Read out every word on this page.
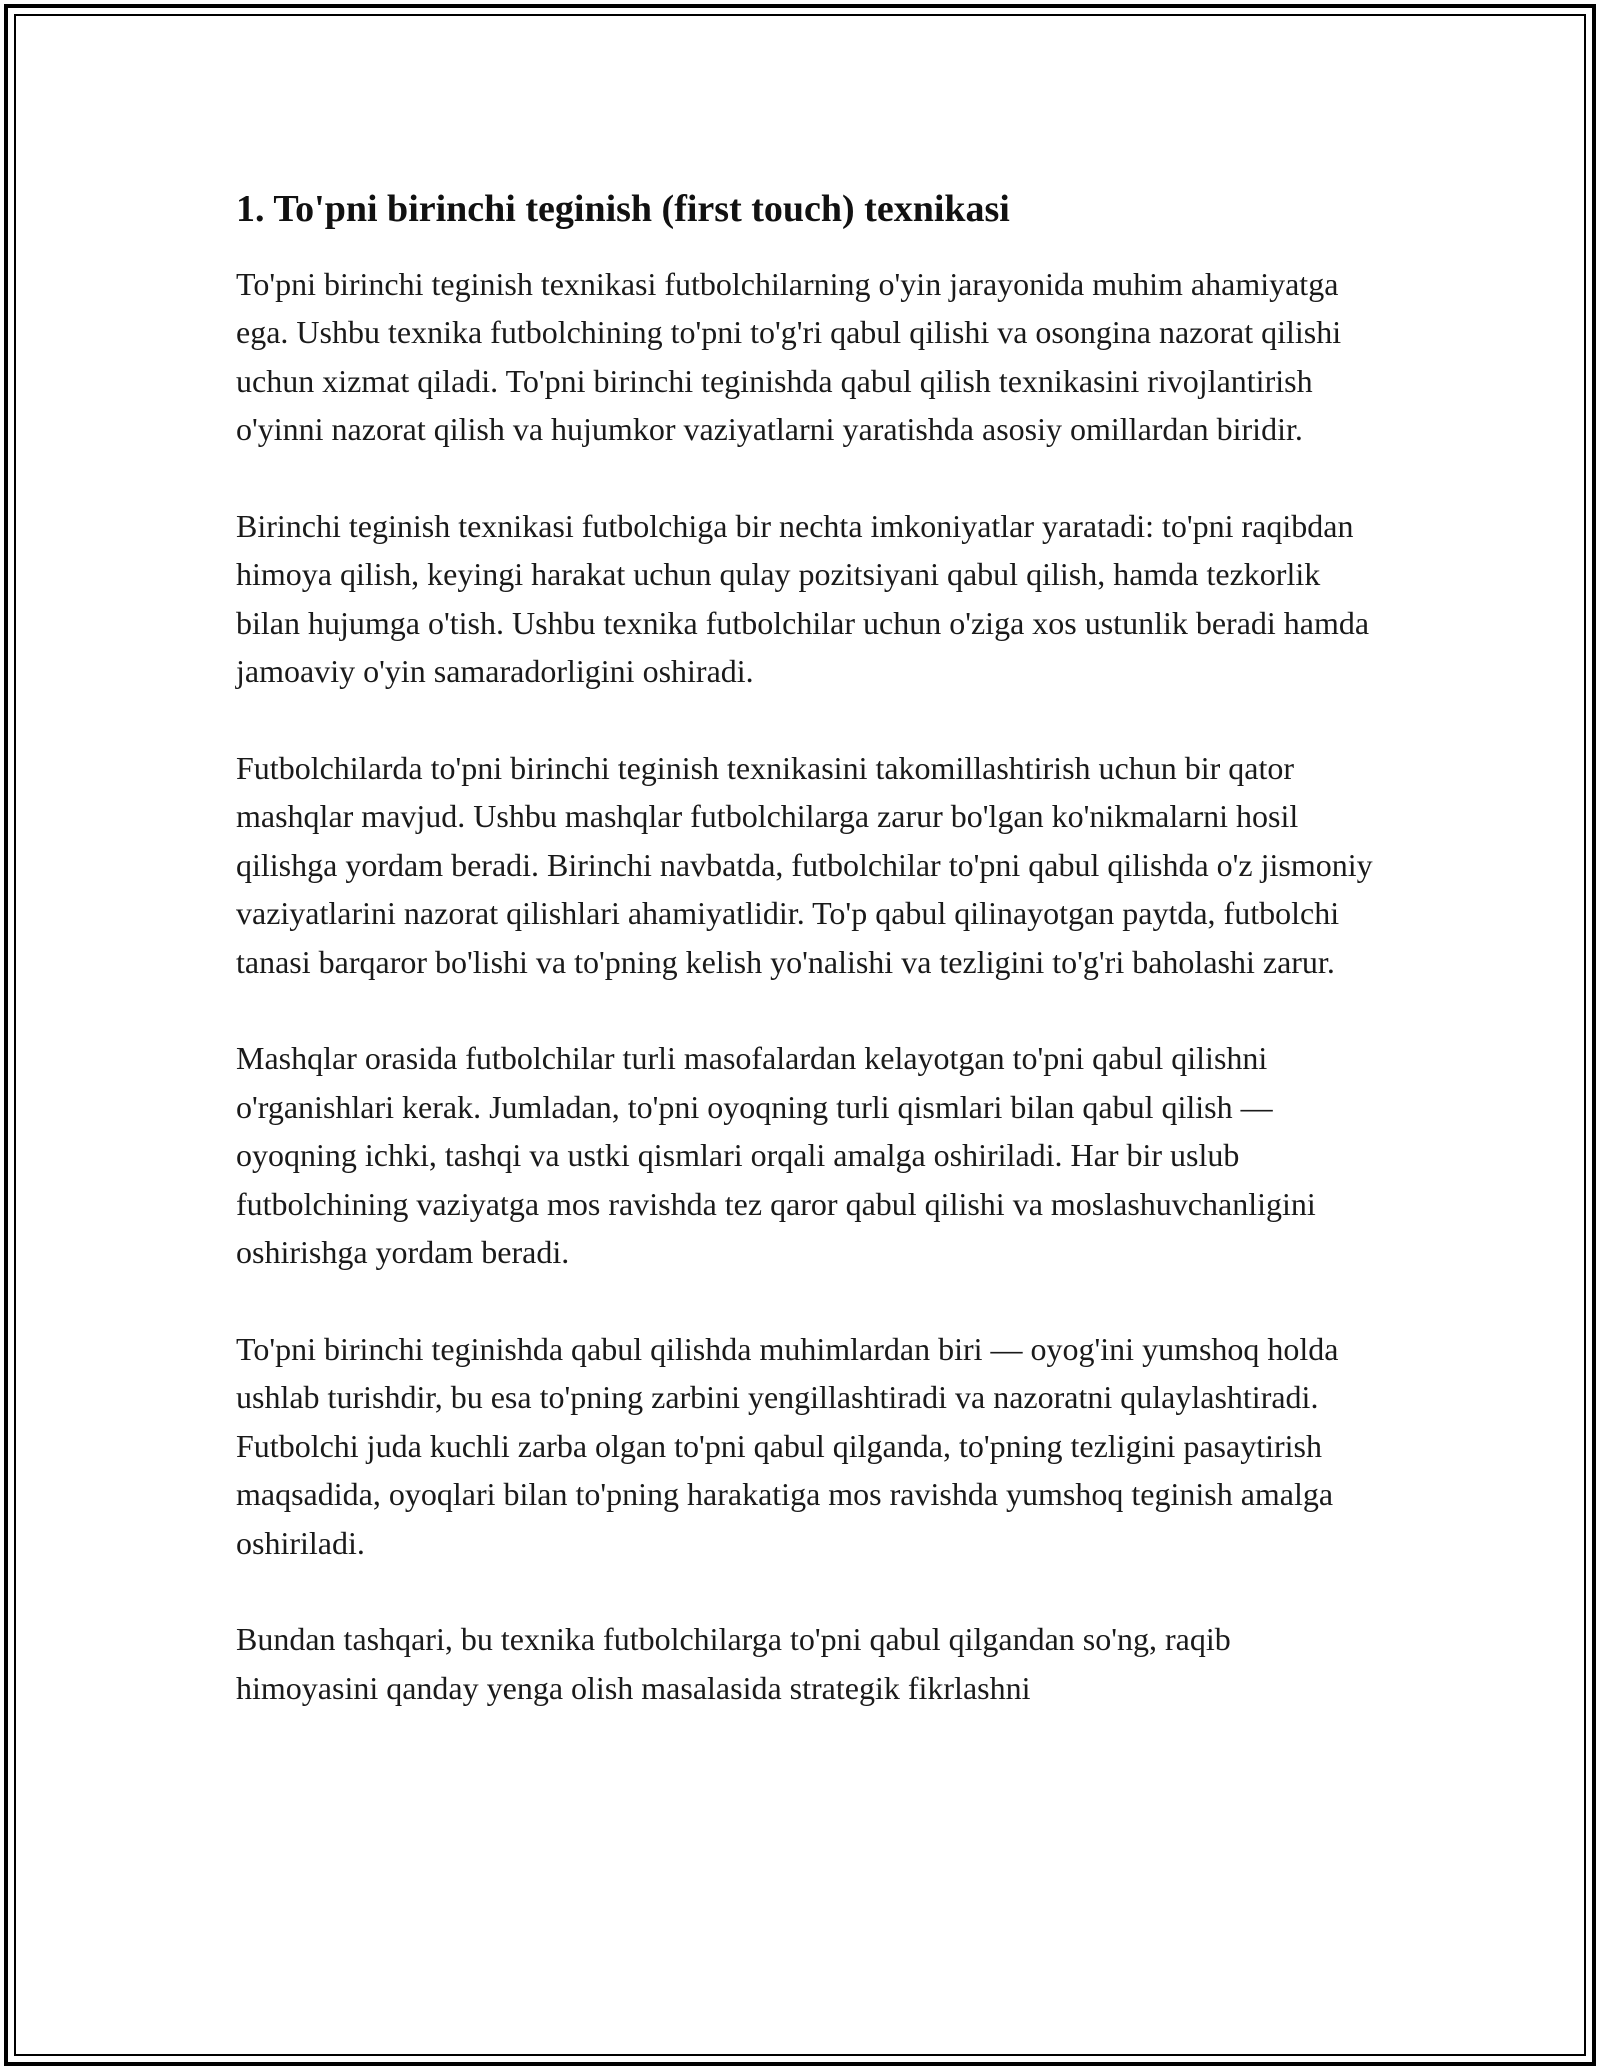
1. To'pni birinchi teginish (first touch) texnikasi

To'pni birinchi teginish texnikasi futbolchilarning o'yin jarayonida muhim ahamiyatga ega. Ushbu texnika futbolchining to'pni to'g'ri qabul qilishi va osongina nazorat qilishi uchun xizmat qiladi. To'pni birinchi teginishda qabul qilish texnikasini rivojlantirish o'yinni nazorat qilish va hujumkor vaziyatlarni yaratishda asosiy omillardan biridir.

Birinchi teginish texnikasi futbolchiga bir nechta imkoniyatlar yaratadi: to'pni raqibdan himoya qilish, keyingi harakat uchun qulay pozitsiyani qabul qilish, hamda tezkorlik bilan hujumga o'tish. Ushbu texnika futbolchilar uchun o'ziga xos ustunlik beradi hamda jamoaviy o'yin samaradorligini oshiradi.

Futbolchilarda to'pni birinchi teginish texnikasini takomillashtirish uchun bir qator mashqlar mavjud. Ushbu mashqlar futbolchilarga zarur bo'lgan ko'nikmalarni hosil qilishga yordam beradi. Birinchi navbatda, futbolchilar to'pni qabul qilishda o'z jismoniy vaziyatlarini nazorat qilishlari ahamiyatlidir. To'p qabul qilinayotgan paytda, futbolchi tanasi barqaror bo'lishi va to'pning kelish yo'nalishi va tezligini to'g'ri baholashi zarur.

Mashqlar orasida futbolchilar turli masofalardan kelayotgan to'pni qabul qilishni o'rganishlari kerak. Jumladan, to'pni oyoqning turli qismlari bilan qabul qilish — oyoqning ichki, tashqi va ustki qismlari orqali amalga oshiriladi. Har bir uslub futbolchining vaziyatga mos ravishda tez qaror qabul qilishi va moslashuvchanligini oshirishga yordam beradi.

To'pni birinchi teginishda qabul qilishda muhimlardan biri — oyog'ini yumshoq holda ushlab turishdir, bu esa to'pning zarbini yengillashtiradi va nazoratni qulaylashtiradi. Futbolchi juda kuchli zarba olgan to'pni qabul qilganda, to'pning tezligini pasaytirish maqsadida, oyoqlari bilan to'pning harakatiga mos ravishda yumshoq teginish amalga oshiriladi.

Bundan tashqari, bu texnika futbolchilarga to'pni qabul qilgandan so'ng, raqib himoyasini qanday yenga olish masalasida strategik fikrlashni
